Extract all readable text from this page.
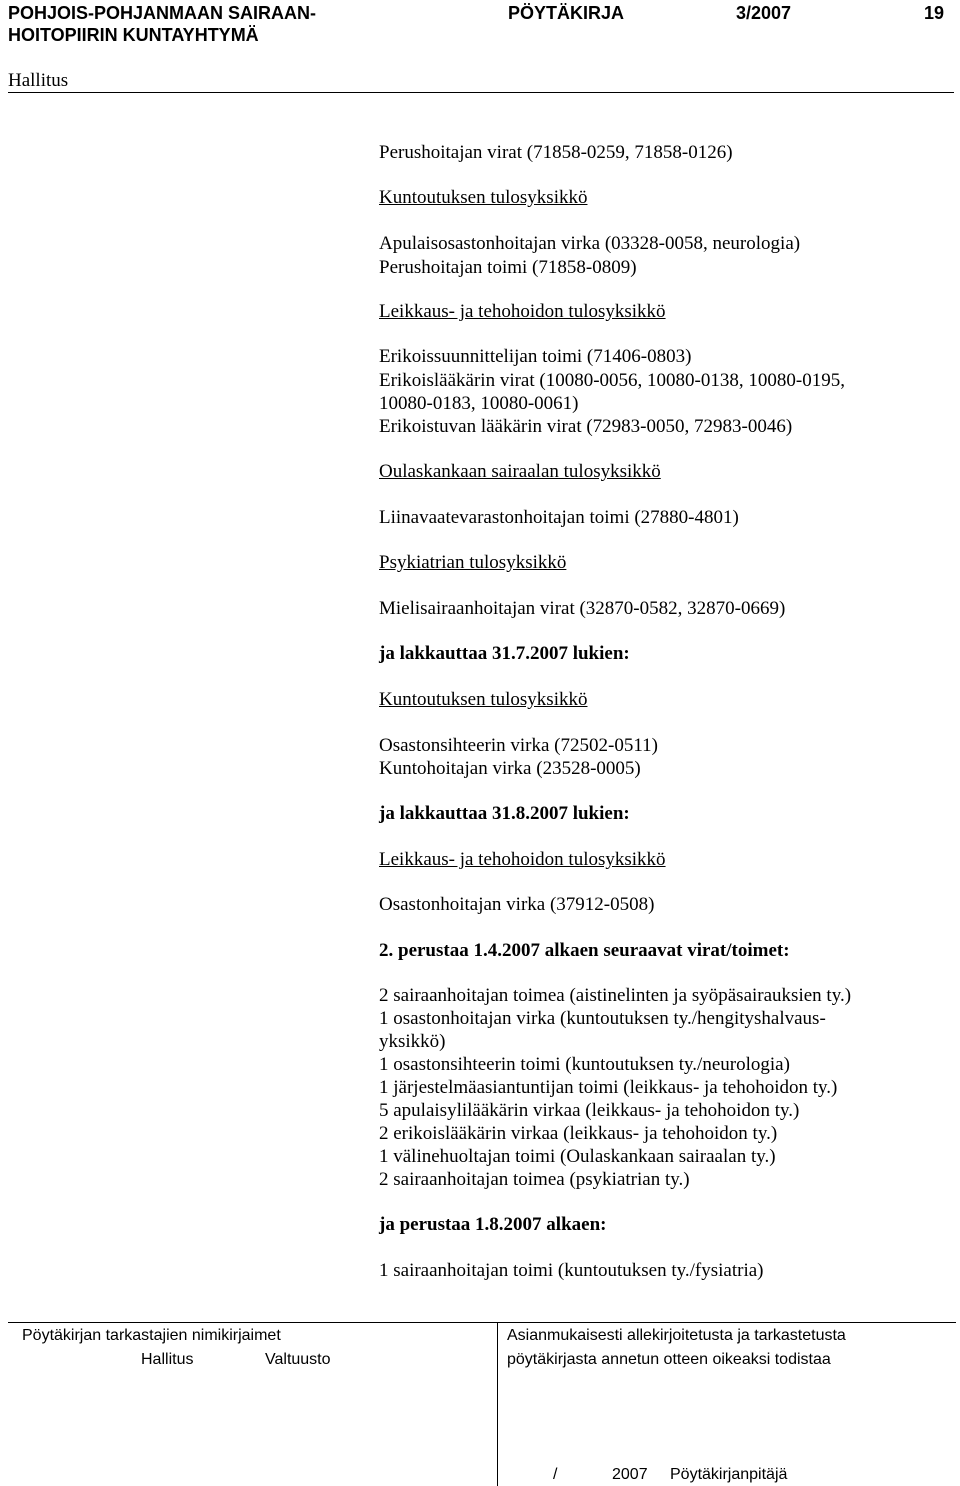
POHJOIS-POHJANMAAN SAIRAAN-
HOITOPIIRIN KUNTAYHTYMÄ
PÖYTÄKIRJA	3/2007	19
Hallitus
Perushoitajan virat (71858-0259, 71858-0126)
Kuntoutuksen tulosyksikkö
Apulaisosastonhoitajan virka (03328-0058, neurologia)
Perushoitajan toimi (71858-0809)
Leikkaus- ja tehohoidon tulosyksikkö
Erikoissuunnittelijan toimi (71406-0803)
Erikoislääkärin virat (10080-0056, 10080-0138, 10080-0195,
10080-0183, 10080-0061)
Erikoistuvan lääkärin virat (72983-0050, 72983-0046)
Oulaskankaan sairaalan tulosyksikkö
Liinavaatevarastonhoitajan toimi (27880-4801)
Psykiatrian tulosyksikkö
Mielisairaanhoitajan virat (32870-0582, 32870-0669)
ja lakkauttaa 31.7.2007 lukien:
Kuntoutuksen tulosyksikkö
Osastonsihteerin virka (72502-0511)
Kuntohoitajan virka (23528-0005)
ja lakkauttaa 31.8.2007 lukien:
Leikkaus- ja tehohoidon tulosyksikkö
Osastonhoitajan virka (37912-0508)
2. perustaa 1.4.2007 alkaen seuraavat virat/toimet:
2 sairaanhoitajan toimea (aistinelinten ja syöpäsairauksien ty.)
1 osastonhoitajan virka (kuntoutuksen ty./hengityshalvaus-
yksikkö)
1 osastonsihteerin toimi (kuntoutuksen ty./neurologia)
1 järjestelmäasiantuntijan toimi (leikkaus- ja tehohoidon ty.)
5 apulaisylilääkärin virkaa (leikkaus- ja tehohoidon ty.)
2 erikoislääkärin virkaa (leikkaus- ja tehohoidon ty.)
1 välinehuoltajan toimi (Oulaskankaan sairaalan ty.)
2 sairaanhoitajan toimea (psykiatrian ty.)
ja perustaa 1.8.2007 alkaen:
1 sairaanhoitajan toimi (kuntoutuksen ty./fysiatria)
Pöytäkirjan tarkastajien nimikirjaimet
Hallitus	Valtuusto
Asianmukaisesti allekirjoitetusta ja tarkastetusta
pöytäkirjasta annetun otteen oikeaksi todistaa
/	2007 Pöytäkirjanpitäjä
